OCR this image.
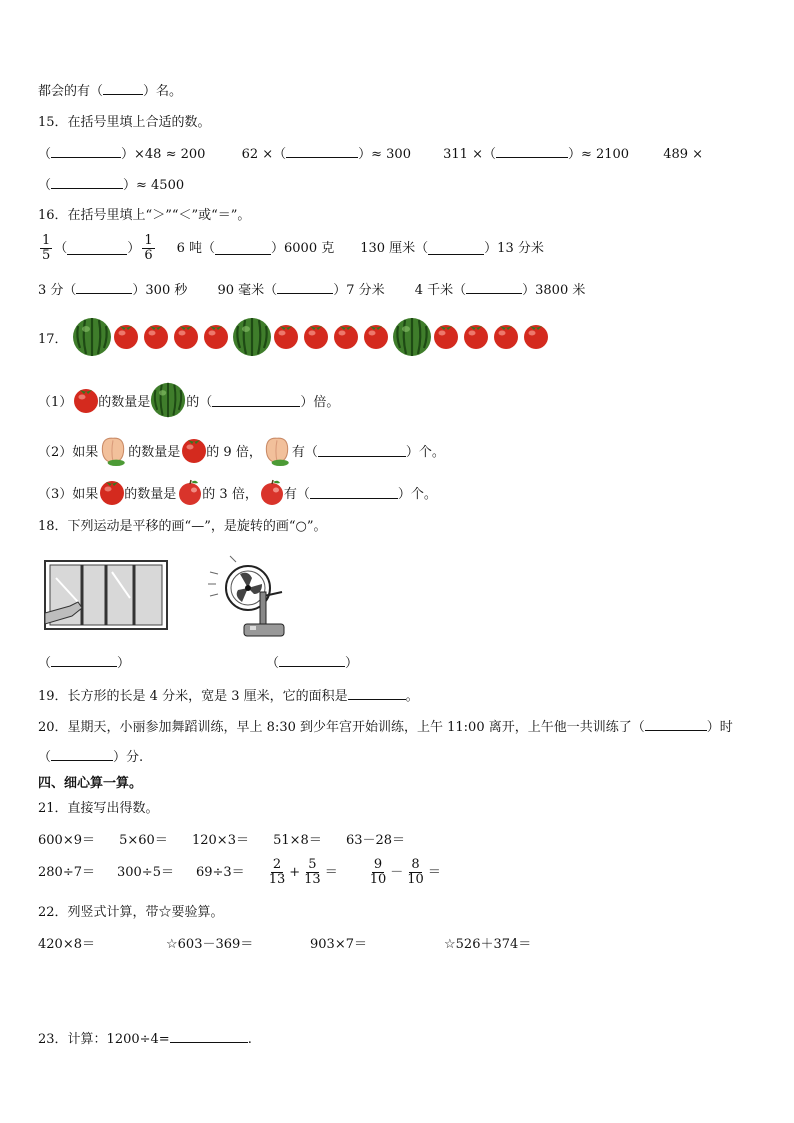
都会的有（	）名。
15．在括号里填上合适的数。
（	）×48 ≈ 200	62 ×（	）≈ 300 311 ×（	）≈ 2100	489 ×
（	）≈ 4500
16．在括号里填上“＞”“＜”或“＝”。
$\frac{1}{5}$ （	） $\frac{1}{6} 6$ 吨（	）6000 克 130 厘米（	）13 分米
3 分（	）300 秒 90 毫米（	）7 分米 4 千米（	）3800 米
17．
（1） 的数量是	的（	）倍。
（2）如果 的数量是 的 9 倍， 有（	）个。
（3）如果 的数量是 的 3 倍， 有（	）个。
18．下列运动是平移的画“—”，是旋转的画“○”。
（	）	（	）
19．长方形的长是 4 分米，宽是 3 厘米，它的面积是	。
20．星期天，小丽参加舞蹈训练，早上 8:30 到少年宫开始训练，上午 11:00 离开，上午他一共训练了（	）时
（	）分.
四、细心算一算。
21．直接写出得数。
600×9＝ 5×60＝ 120×3＝ 51×8＝ 63－28＝
$280\div 7= 300\div 5= 69\div 3= \frac{2}{13} + \frac{5}{13} = \frac{9}{10} - \frac{8}{10}$ ＝
22．列竖式计算，带☆要验算。
420×8＝	☆603－369＝	903×7＝	☆526＋374＝
23．计算：1200÷4=	.
